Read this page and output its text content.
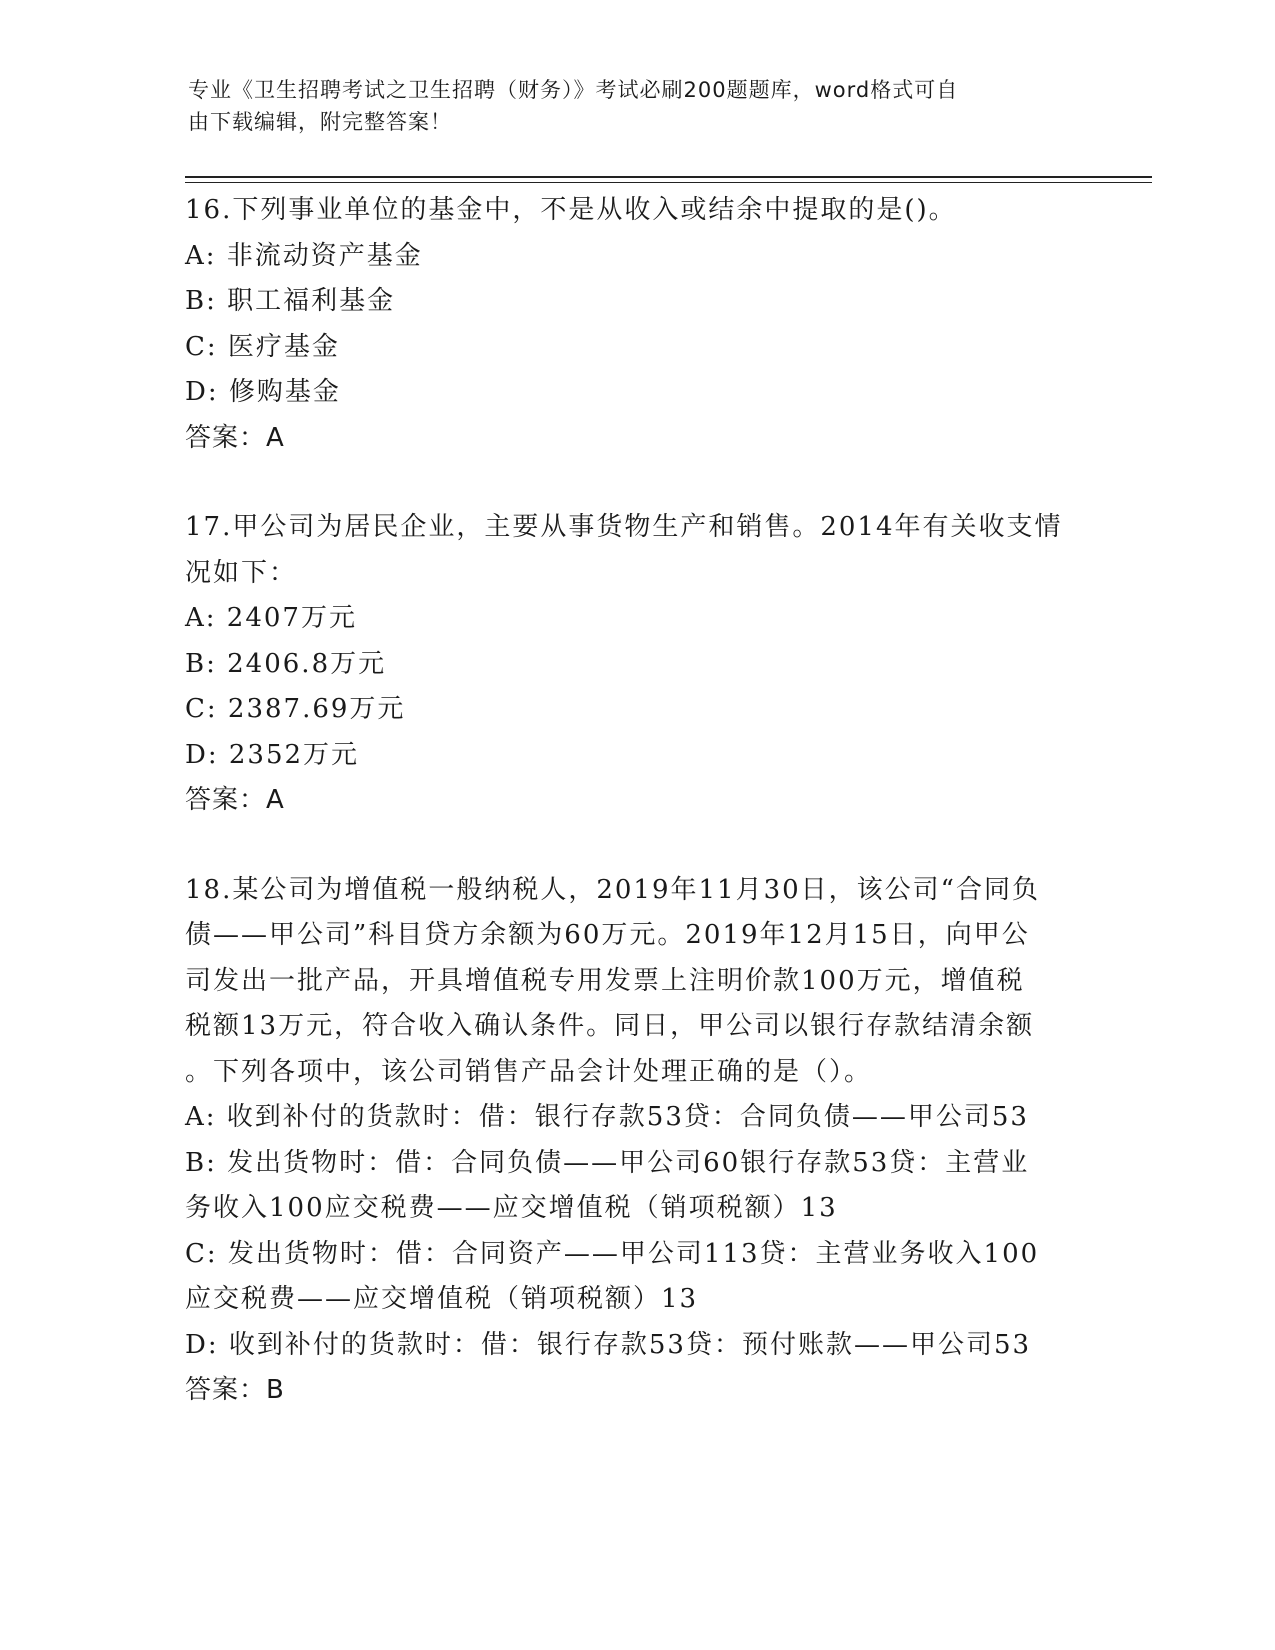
专业《卫生招聘考试之卫生招聘（财务）》考试必刷200题题库，word格式可自
由下载编辑，附完整答案！

16.下列事业单位的基金中，不是从收入或结余中提取的是()。

A: 非流动资产基金

B: 职工福利基金

C: 医疗基金

D: 修购基金

答案：A

17.甲公司为居民企业，主要从事货物生产和销售。2014年有关收支情

况如下：

A: 2407万元

B: 2406.8万元

C: 2387.69万元

D: 2352万元

答案：A

18.某公司为增值税一般纳税人，2019年11月30日，该公司“合同负

债——甲公司”科目贷方余额为60万元。2019年12月15日，向甲公

司发出一批产品，开具增值税专用发票上注明价款100万元，增值税

税额13万元，符合收入确认条件。同日，甲公司以银行存款结清余额

。下列各项中，该公司销售产品会计处理正确的是（）。

A: 收到补付的货款时：借：银行存款53贷：合同负债——甲公司53

B: 发出货物时：借：合同负债——甲公司60银行存款53贷：主营业

务收入100应交税费——应交增值税（销项税额）13

C: 发出货物时：借：合同资产——甲公司113贷：主营业务收入100

应交税费——应交增值税（销项税额）13

D: 收到补付的货款时：借：银行存款53贷：预付账款——甲公司53

答案：B
